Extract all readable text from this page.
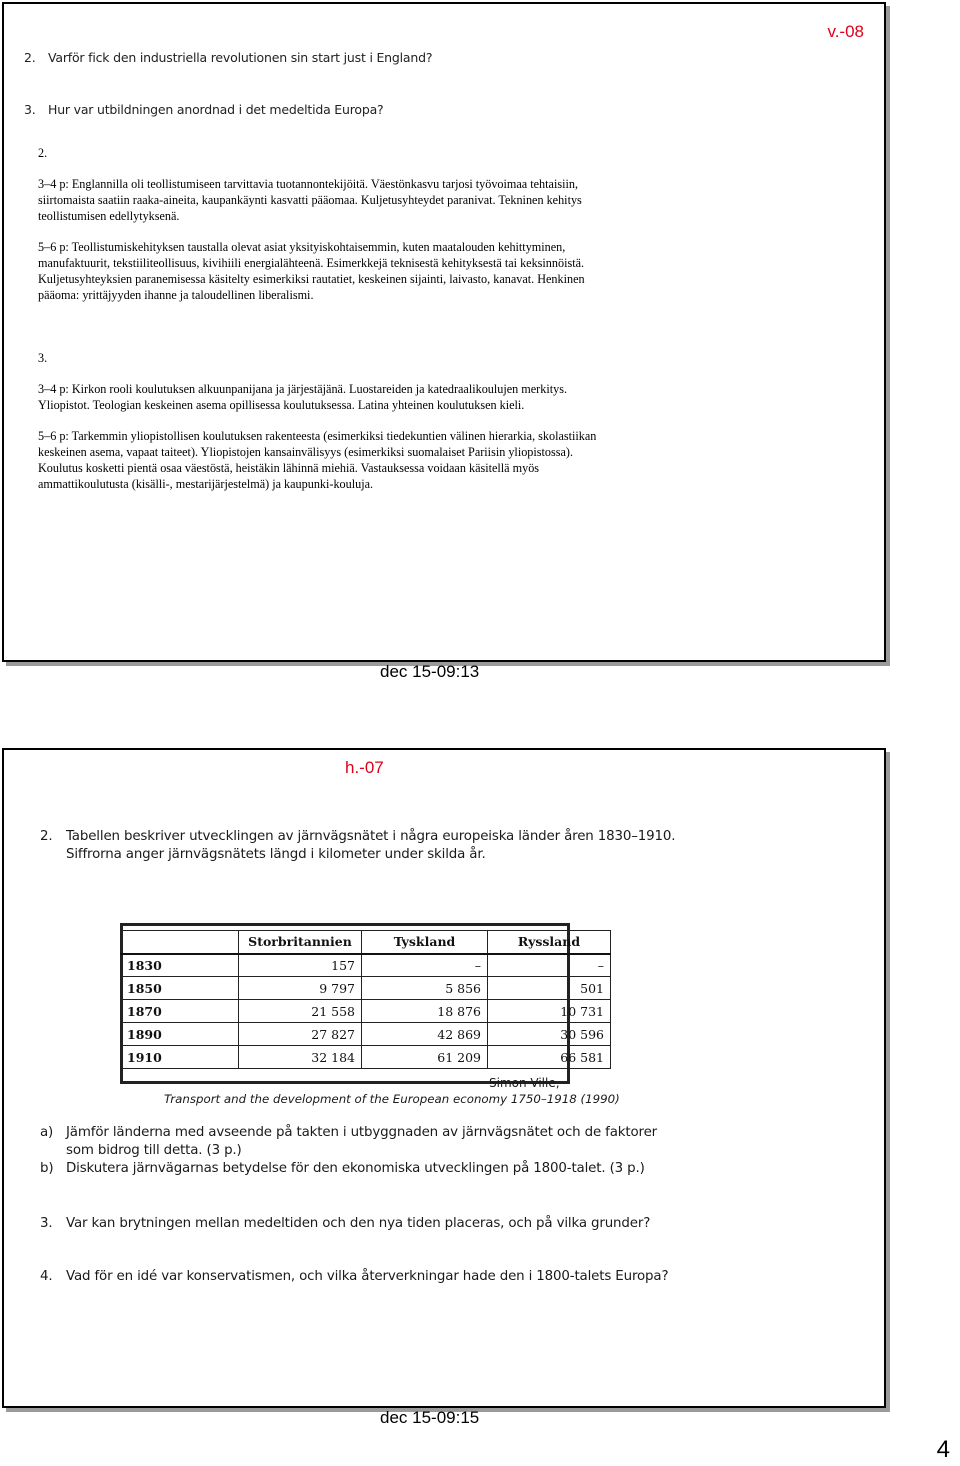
v.-08
2. Varför fick den industriella revolutionen sin start just i England?
3. Hur var utbildningen anordnad i det medeltida Europa?

2.

3–4 p: Englannilla oli teollistumiseen tarvittavia tuotannontekijöitä. Väestönkasvu tarjosi työvoimaa tehtaisiin, siirtomaista saatiin raaka-aineita, kaupankäynti kasvatti pääomaa. Kuljetusyhteydet paranivat. Tekninen kehitys teollistumisen edellytyksenä.

5–6 p: Teollistumiskehityksen taustalla olevat asiat yksityiskohtaisemmin, kuten maatalouden kehittyminen, manufaktuurit, tekstiiliteollisuus, kivihiili energialähteenä. Esimerkkejä teknisestä kehityksestä tai keksinnöistä. Kuljetusyhteyksien paranemisessa käsitelty esimerkiksi rautatiet, keskeinen sijainti, laivasto, kanavat. Henkinen pääoma: yrittäjyyden ihanne ja taloudellinen liberalismi.

3.

3–4 p: Kirkon rooli koulutuksen alkuunpanijana ja järjestäjänä. Luostareiden ja katedraalikoulujen merkitys. Yliopistot. Teologian keskeinen asema opillisessa koulutuksessa. Latina yhteinen koulutuksen kieli.

5–6 p: Tarkemmin yliopistollisen koulutuksen rakenteesta (esimerkiksi tiedekuntien välinen hierarkia, skolastiikan keskeinen asema, vapaat taiteet). Yliopistojen kansainvälisyys (esimerkiksi suomalaiset Pariisin yliopistossa). Koulutus kosketti pientä osaa väestöstä, heistäkin lähinnä miehiä. Vastauksessa voidaan käsitellä myös ammattikoulutusta (kisälli-, mestarijärjestelmä) ja kaupunki-kouluja.

dec 15-09:13
h.-07
2. Tabellen beskriver utvecklingen av järnvägsnätet i några europeiska länder åren 1830–1910.
Siffrorna anger järnvägsnätets längd i kilometer under skilda år.
	Storbritannien	Tyskland	Ryssland
1830	157	–	–
1850	9 797	5 856	501
1870	21 558	18 876	10 731
1890	27 827	42 869	30 596
1910	32 184	61 209	66 581
Simon Ville,
Transport and the development of the European economy 1750–1918 (1990)
a) Jämför länderna med avseende på takten i utbyggnaden av järnvägsnätet och de faktorer
som bidrog till detta. (3 p.)
b) Diskutera järnvägarnas betydelse för den ekonomiska utvecklingen på 1800-talet. (3 p.)
3. Var kan brytningen mellan medeltiden och den nya tiden placeras, och på vilka grunder?
4. Vad för en idé var konservatismen, och vilka återverkningar hade den i 1800-talets Europa?
dec 15-09:15
4
